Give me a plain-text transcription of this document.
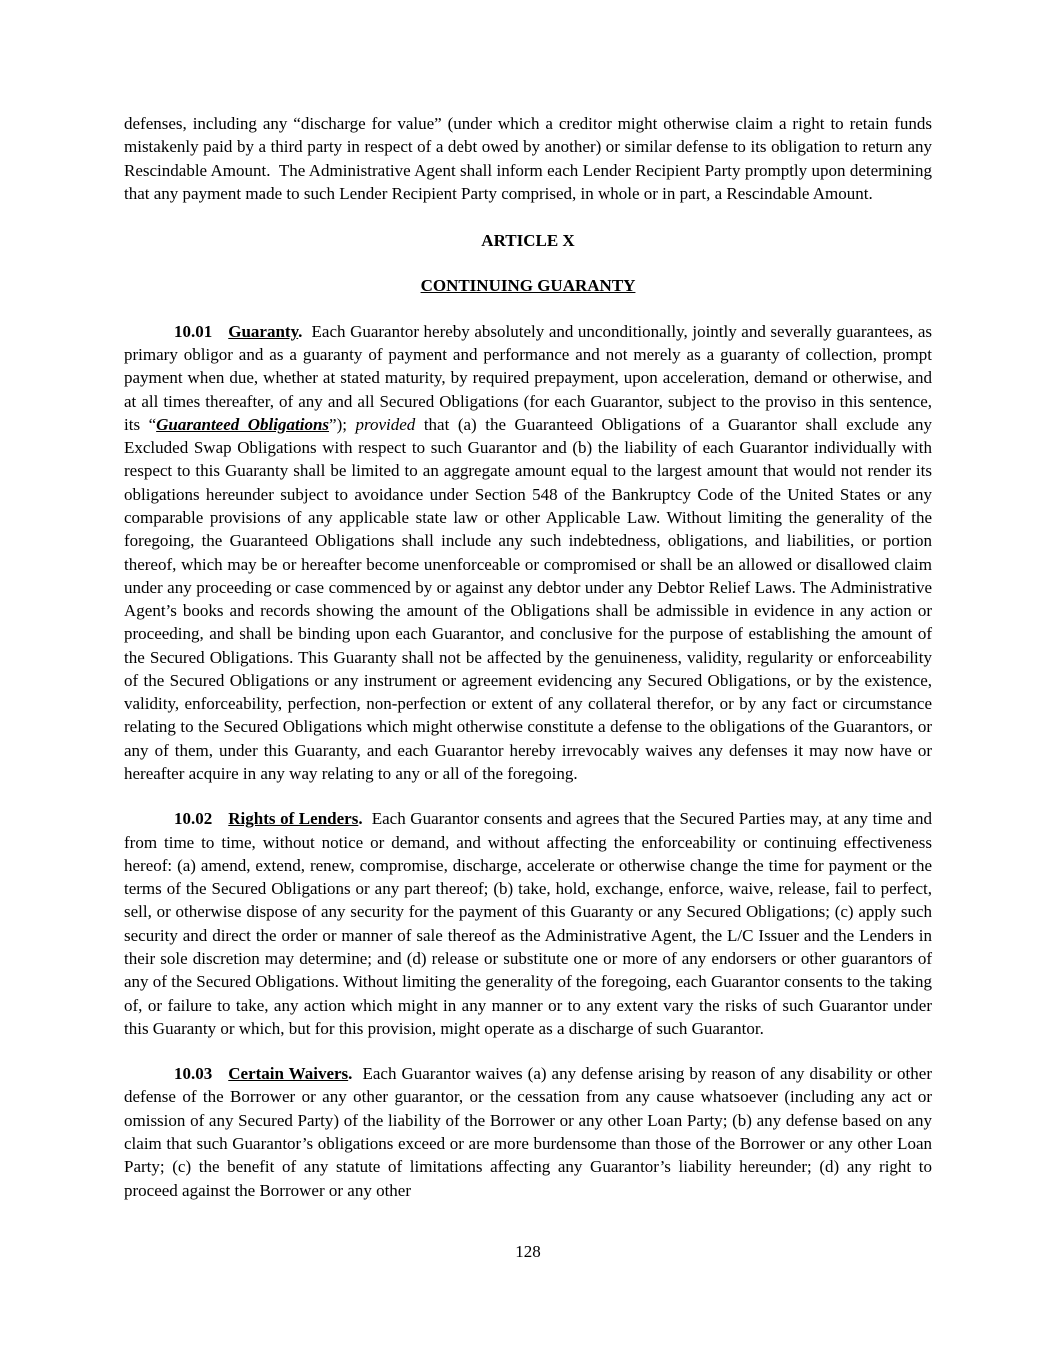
defenses, including any “discharge for value” (under which a creditor might otherwise claim a right to retain funds mistakenly paid by a third party in respect of a debt owed by another) or similar defense to its obligation to return any Rescindable Amount.  The Administrative Agent shall inform each Lender Recipient Party promptly upon determining that any payment made to such Lender Recipient Party comprised, in whole or in part, a Rescindable Amount.

ARTICLE X

CONTINUING GUARANTY

10.01 Guaranty.  Each Guarantor hereby absolutely and unconditionally, jointly and severally guarantees, as primary obligor and as a guaranty of payment and performance and not merely as a guaranty of collection, prompt payment when due, whether at stated maturity, by required prepayment, upon acceleration, demand or otherwise, and at all times thereafter, of any and all Secured Obligations (for each Guarantor, subject to the proviso in this sentence, its “Guaranteed Obligations”); provided that (a) the Guaranteed Obligations of a Guarantor shall exclude any Excluded Swap Obligations with respect to such Guarantor and (b) the liability of each Guarantor individually with respect to this Guaranty shall be limited to an aggregate amount equal to the largest amount that would not render its obligations hereunder subject to avoidance under Section 548 of the Bankruptcy Code of the United States or any comparable provisions of any applicable state law or other Applicable Law. Without limiting the generality of the foregoing, the Guaranteed Obligations shall include any such indebtedness, obligations, and liabilities, or portion thereof, which may be or hereafter become unenforceable or compromised or shall be an allowed or disallowed claim under any proceeding or case commenced by or against any debtor under any Debtor Relief Laws. The Administrative Agent’s books and records showing the amount of the Obligations shall be admissible in evidence in any action or proceeding, and shall be binding upon each Guarantor, and conclusive for the purpose of establishing the amount of the Secured Obligations. This Guaranty shall not be affected by the genuineness, validity, regularity or enforceability of the Secured Obligations or any instrument or agreement evidencing any Secured Obligations, or by the existence, validity, enforceability, perfection, non-perfection or extent of any collateral therefor, or by any fact or circumstance relating to the Secured Obligations which might otherwise constitute a defense to the obligations of the Guarantors, or any of them, under this Guaranty, and each Guarantor hereby irrevocably waives any defenses it may now have or hereafter acquire in any way relating to any or all of the foregoing.

10.02 Rights of Lenders.  Each Guarantor consents and agrees that the Secured Parties may, at any time and from time to time, without notice or demand, and without affecting the enforceability or continuing effectiveness hereof: (a) amend, extend, renew, compromise, discharge, accelerate or otherwise change the time for payment or the terms of the Secured Obligations or any part thereof; (b) take, hold, exchange, enforce, waive, release, fail to perfect, sell, or otherwise dispose of any security for the payment of this Guaranty or any Secured Obligations; (c) apply such security and direct the order or manner of sale thereof as the Administrative Agent, the L/C Issuer and the Lenders in their sole discretion may determine; and (d) release or substitute one or more of any endorsers or other guarantors of any of the Secured Obligations. Without limiting the generality of the foregoing, each Guarantor consents to the taking of, or failure to take, any action which might in any manner or to any extent vary the risks of such Guarantor under this Guaranty or which, but for this provision, might operate as a discharge of such Guarantor.

10.03 Certain Waivers.  Each Guarantor waives (a) any defense arising by reason of any disability or other defense of the Borrower or any other guarantor, or the cessation from any cause whatsoever (including any act or omission of any Secured Party) of the liability of the Borrower or any other Loan Party; (b) any defense based on any claim that such Guarantor’s obligations exceed or are more burdensome than those of the Borrower or any other Loan Party; (c) the benefit of any statute of limitations affecting any Guarantor’s liability hereunder; (d) any right to proceed against the Borrower or any other

128
